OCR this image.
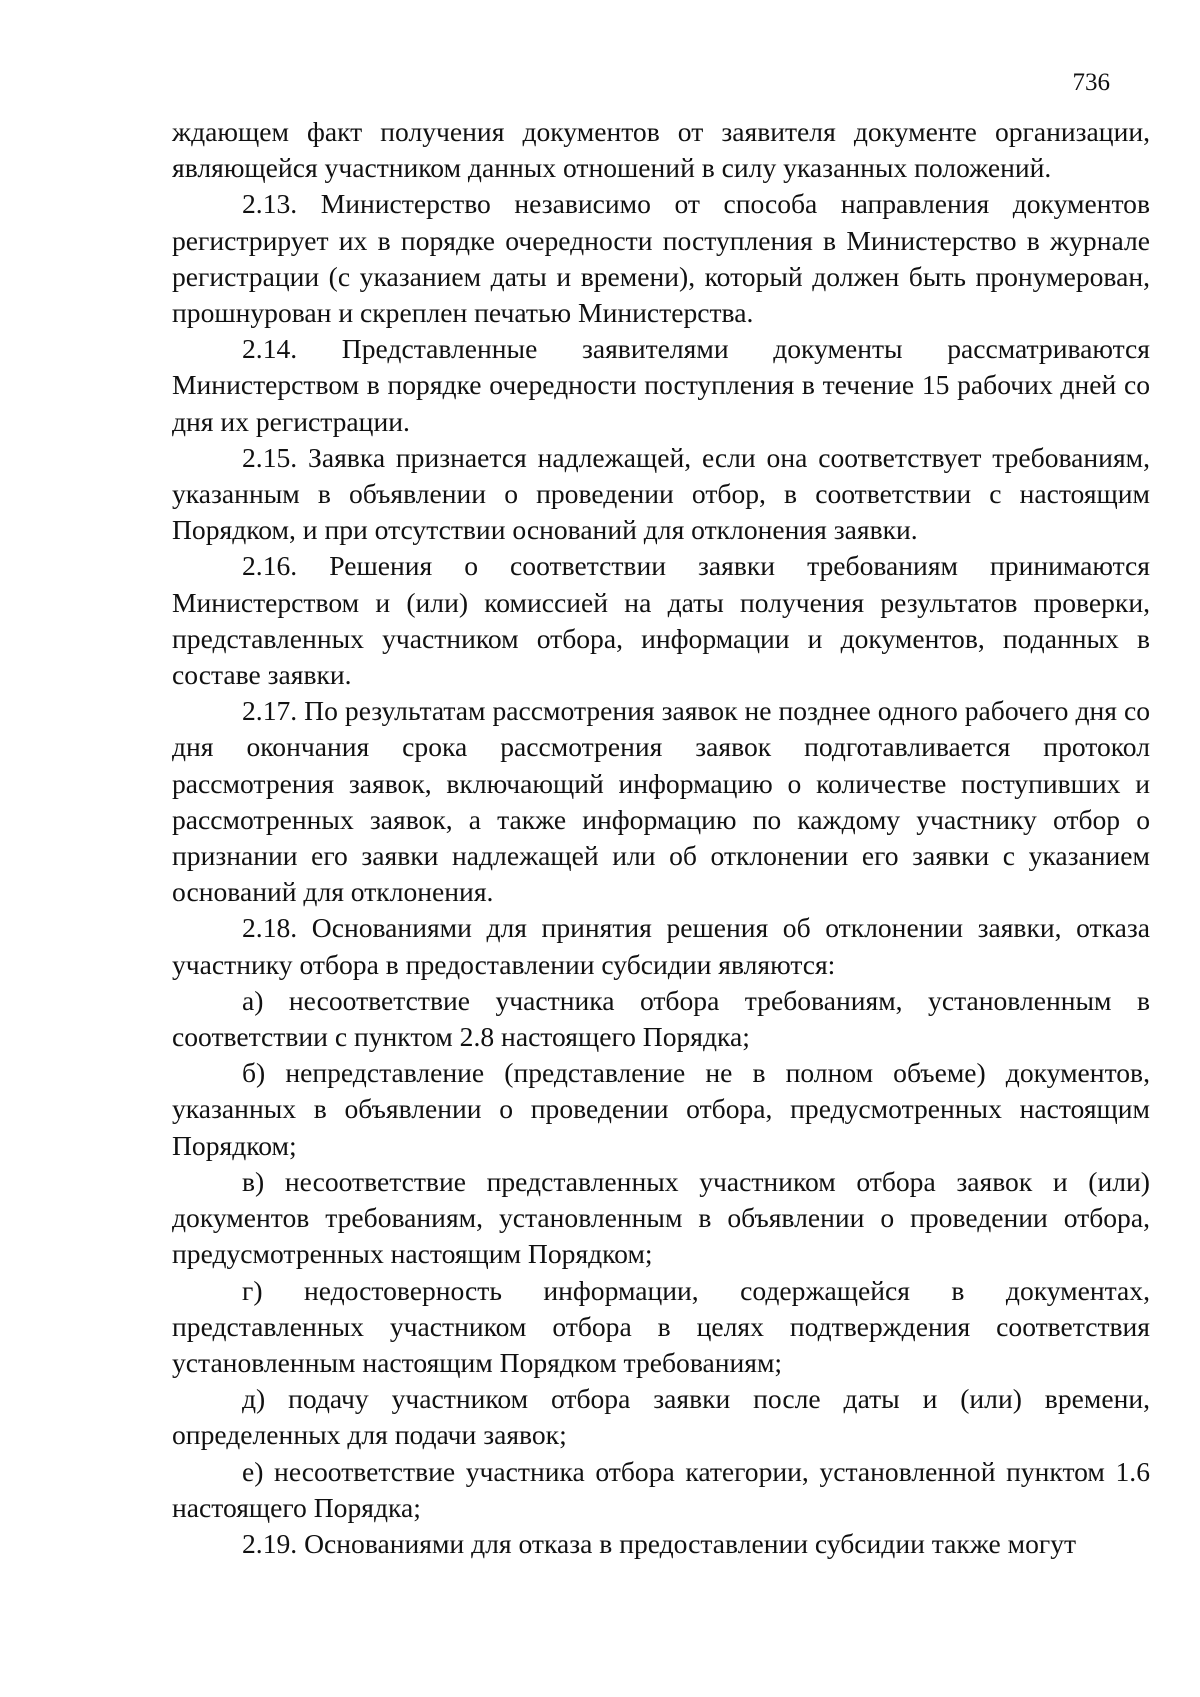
736

ждающем факт получения документов от заявителя документе организации, являющейся участником данных отношений в силу указанных положений.

2.13. Министерство независимо от способа направления документов регистрирует их в порядке очередности поступления в Министерство в журнале регистрации (с указанием даты и времени), который должен быть пронумерован, прошнурован и скреплен печатью Министерства.

2.14. Представленные заявителями документы рассматриваются Министерством в порядке очередности поступления в течение 15 рабочих дней со дня их регистрации.

2.15. Заявка признается надлежащей, если она соответствует требованиям, указанным в объявлении о проведении отбор, в соответствии с настоящим Порядком, и при отсутствии оснований для отклонения заявки.

2.16. Решения о соответствии заявки требованиям принимаются Министерством и (или) комиссией на даты получения результатов проверки, представленных участником отбора, информации и документов, поданных в составе заявки.

2.17. По результатам рассмотрения заявок не позднее одного рабочего дня со дня окончания срока рассмотрения заявок подготавливается протокол рассмотрения заявок, включающий информацию о количестве поступивших и рассмотренных заявок, а также информацию по каждому участнику отбор о признании его заявки надлежащей или об отклонении его заявки с указанием оснований для отклонения.

2.18. Основаниями для принятия решения об отклонении заявки, отказа участнику отбора в предоставлении субсидии являются:

а) несоответствие участника отбора требованиям, установленным в соответствии с пунктом 2.8 настоящего Порядка;

б) непредставление (представление не в полном объеме) документов, указанных в объявлении о проведении отбора, предусмотренных настоящим Порядком;

в) несоответствие представленных участником отбора заявок и (или) документов требованиям, установленным в объявлении о проведении отбора, предусмотренных настоящим Порядком;

г) недостоверность информации, содержащейся в документах, представленных участником отбора в целях подтверждения соответствия установленным настоящим Порядком требованиям;

д) подачу участником отбора заявки после даты и (или) времени, определенных для подачи заявок;

е) несоответствие участника отбора категории, установленной пунктом 1.6 настоящего Порядка;

2.19. Основаниями для отказа в предоставлении субсидии также могут
